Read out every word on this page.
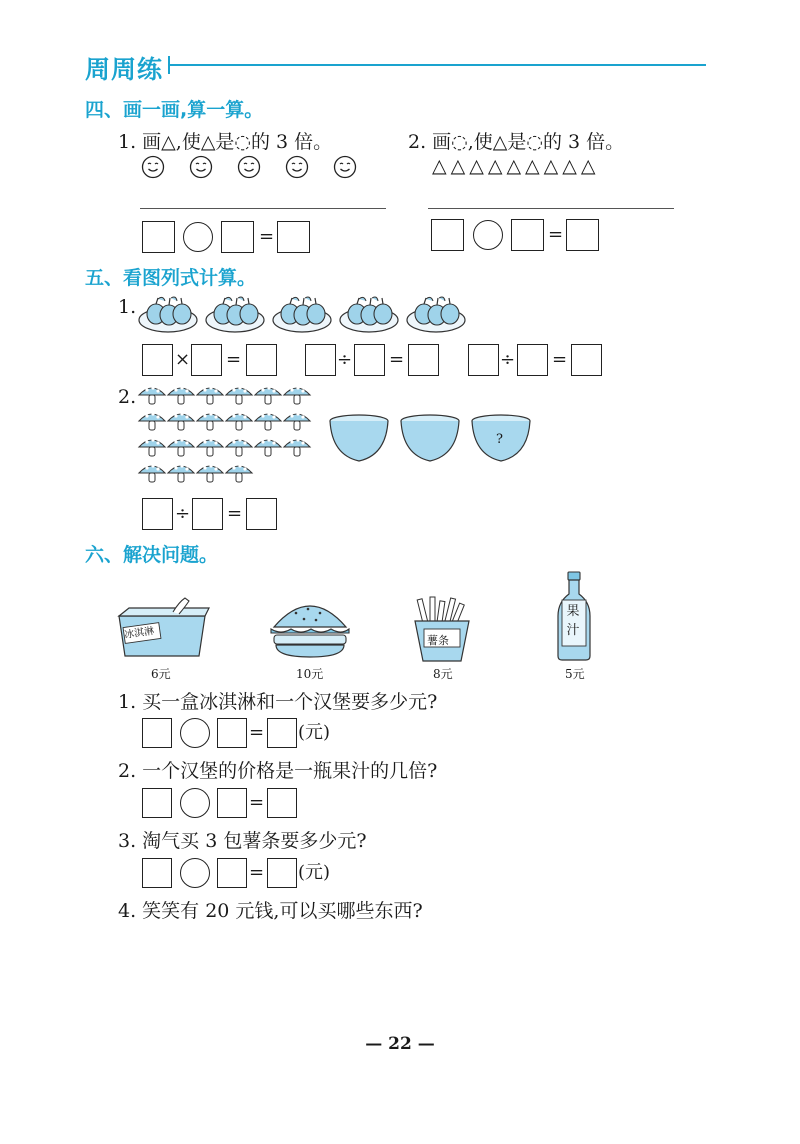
周周练
四、画一画,算一算。
1. 画△,使△是◌的 3 倍。	2. 画◌,使△是◌的 3 倍。
△△△△△△△△△
=	=
五、看图列式计算。
1.
× =	÷ =	÷ =
2.
?
÷ =
六、解决问题。
冰淇淋
6元	10元
薯条
8元
果汁
5元
1. 买一盒冰淇淋和一个汉堡要多少元?
= (元)
2. 一个汉堡的价格是一瓶果汁的几倍?
=
3. 淘气买 3 包薯条要多少元?
= (元)
4. 笑笑有 20 元钱,可以买哪些东西?
— 22 —
